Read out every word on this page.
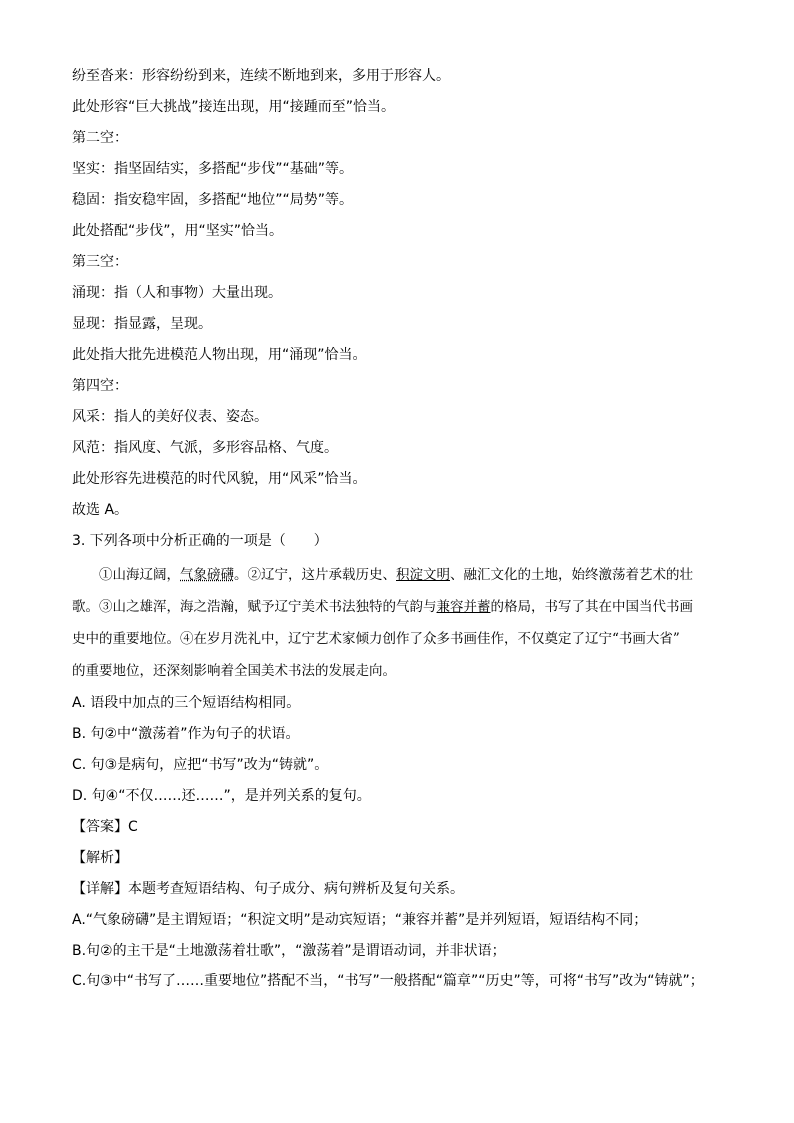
纷至沓来：形容纷纷到来，连续不断地到来，多用于形容人。
此处形容“巨大挑战”接连出现，用“接踵而至”恰当。
第二空：
坚实：指坚固结实，多搭配“步伐”“基础”等。
稳固：指安稳牢固，多搭配“地位”“局势”等。
此处搭配“步伐”，用“坚实”恰当。
第三空：
涌现：指（人和事物）大量出现。
显现：指显露，呈现。
此处指大批先进模范人物出现，用“涌现”恰当。
第四空：
风采：指人的美好仪表、姿态。
风范：指风度、气派，多形容品格、气度。
此处形容先进模范的时代风貌，用“风采”恰当。
故选 A。
3. 下列各项中分析正确的一项是（　　）
①山海辽阔，气象磅礴。②辽宁，这片承载历史、积淀文明、融汇文化的土地，始终激荡着艺术的壮
歌。③山之雄浑，海之浩瀚，赋予辽宁美术书法独特的气韵与兼容并蓄的格局，书写了其在中国当代书画
史中的重要地位。④在岁月洗礼中，辽宁艺术家倾力创作了众多书画佳作，不仅奠定了辽宁“书画大省”
的重要地位，还深刻影响着全国美术书法的发展走向。
A. 语段中加点的三个短语结构相同。
B. 句②中“激荡着”作为句子的状语。
C. 句③是病句，应把“书写”改为“铸就”。
D. 句④“不仅……还……”，是并列关系的复句。
【答案】C
【解析】
【详解】本题考查短语结构、句子成分、病句辨析及复句关系。
A.“气象磅礴”是主谓短语；“积淀文明”是动宾短语；“兼容并蓄”是并列短语，短语结构不同；
B.句②的主干是“土地激荡着壮歌”，“激荡着”是谓语动词，并非状语；
C.句③中“书写了……重要地位”搭配不当，“书写”一般搭配“篇章”“历史”等，可将“书写”改为“铸就”；
